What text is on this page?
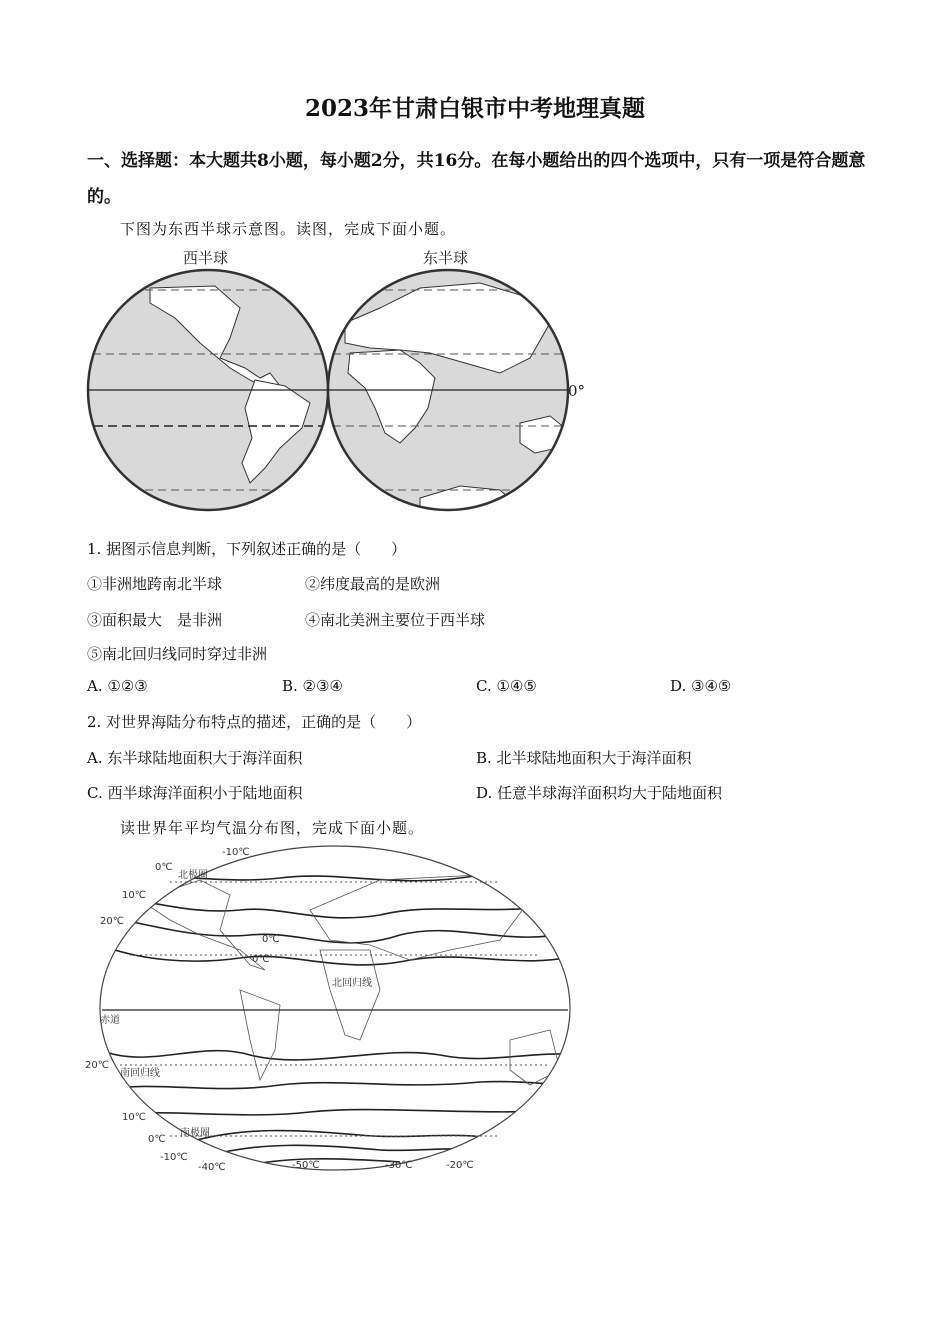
2023年甘肃白银市中考地理真题
一、选择题：本大题共8小题，每小题2分，共16分。在每小题给出的四个选项中，只有一项是符合题意的。
下图为东西半球示意图。读图，完成下面小题。
西半球	东半球
0°
1. 据图示信息判断，下列叙述正确的是（　　）
①非洲地跨南北半球	②纬度最高的是欧洲
③面积最大　是非洲	④南北美洲主要位于西半球
⑤南北回归线同时穿过非洲
A. ①②③	B. ②③④	C. ①④⑤	D. ③④⑤
2. 对世界海陆分布特点的描述，正确的是（　　）
A. 东半球陆地面积大于海洋面积	B. 北半球陆地面积大于海洋面积
C. 西半球海洋面积小于陆地面积	D. 任意半球海洋面积均大于陆地面积
读世界年平均气温分布图，完成下面小题。
-10℃
0℃
北极圈
10℃
20℃
0℃
0℃
北回归线
赤道
20℃
南回归线
10℃
南极圈
0℃
-10℃
-40℃	-50℃	-30℃	-20℃
